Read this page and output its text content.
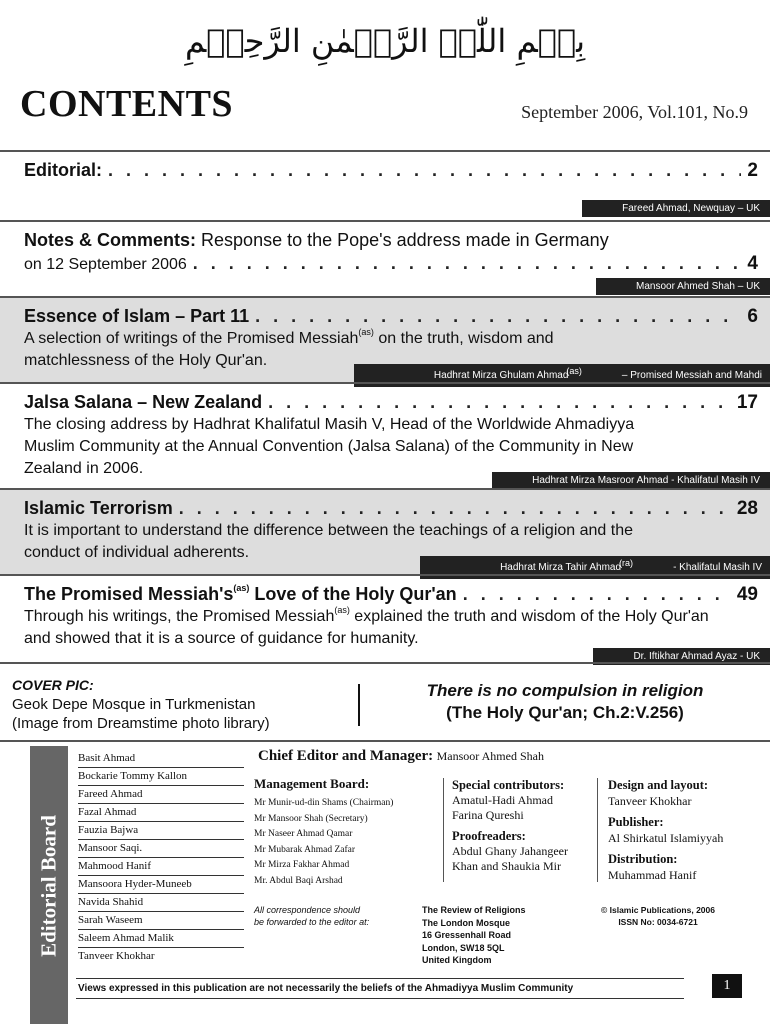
بِسۡمِ اللّٰہِ الرَّحۡمٰنِ الرَّحِیۡمِ
CONTENTS	September 2006, Vol.101, No.9
Editorial: . . .	2
Fareed Ahmad, Newquay – UK
Notes & Comments: Response to the Pope's address made in Germany
on 12 September 2006 . . .	4
Mansoor Ahmed Shah – UK
Essence of Islam – Part 11 . . .	6
A selection of writings of the Promised Messiah$^{(as)}$ on the truth, wisdom and matchlessness of the Holy Qur'an.
Hadhrat Mirza Ghulam Ahmad$^{(as)}$	– Promised Messiah and Mahdi
Jalsa Salana – New Zealand . . .	17
The closing address by Hadhrat Khalifatul Masih V, Head of the Worldwide Ahmadiyya Muslim Community at the Annual Convention (Jalsa Salana) of the Community in New Zealand in 2006.
Hadhrat Mirza Masroor Ahmad - Khalifatul Masih IV
Islamic Terrorism . . .	28
It is important to understand the difference between the teachings of a religion and the conduct of individual adherents.
Hadhrat Mirza Tahir Ahmad$^{(ra)}$	- Khalifatul Masih IV
The Promised $Messiah's^{(as)}$ Love of the Holy Qur'an . . .	49
Through his writings, the Promised Messiah$^{(as)}$ explained the truth and wisdom of the Holy Qur'an and showed that it is a source of guidance for humanity.
Dr. Iftikhar Ahmad Ayaz - UK
COVER PIC:
Geok Depe Mosque in Turkmenistan
(Image from Dreamstime photo library)
There is no compulsion in religion
(The Holy Qur'an; Ch.2:V.256)
Editorial Board
Basit Ahmad
Bockarie Tommy Kallon
Fareed Ahmad
Fazal Ahmad
Fauzia Bajwa
Mansoor Saqi.
Mahmood Hanif
Mansoora Hyder-Muneeb
Navida Shahid
Sarah Waseem
Saleem Ahmad Malik
Tanveer Khokhar
Chief Editor and Manager: Mansoor Ahmed Shah
Management Board:
Mr Munir-ud-din Shams (Chairman)
Mr Mansoor Shah (Secretary)
Mr Naseer Ahmad Qamar
Mr Mubarak Ahmad Zafar
Mr Mirza Fakhar Ahmad
Mr. Abdul Baqi Arshad
Special contributors:
Amatul-Hadi Ahmad
Farina Qureshi
Proofreaders:
Abdul Ghany Jahangeer
Khan and Shaukia Mir
Design and layout:
Tanveer Khokhar
Publisher:
Al Shirkatul Islamiyyah
Distribution:
Muhammad Hanif
All correspondence should
be forwarded to the editor at:
The Review of Religions
The London Mosque
16 Gressenhall Road
London, SW18 5QL
United Kingdom
© Islamic Publications, 2006
ISSN No: 0034-6721
Views expressed in this publication are not necessarily the beliefs of the Ahmadiyya Muslim Community	1
